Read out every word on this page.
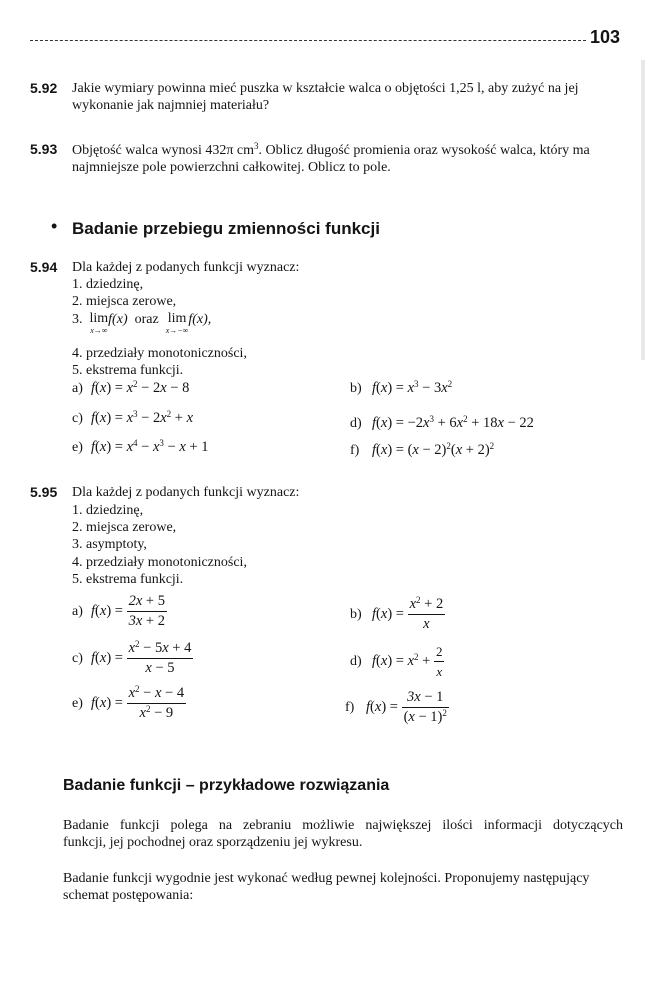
103
5.92 Jakie wymiary powinna mieć puszka w kształcie walca o objętości 1,25 l, aby zużyć na jej
wykonanie jak najmniej materiału?
5.93 Objętość walca wynosi 432π $cm^3$. Oblicz długość promienia oraz wysokość walca, który ma
najmniejsze pole powierzchni całkowitej. Oblicz to pole.
• Badanie przebiegu zmienności funkcji
5.94 Dla każdej z podanych funkcji wyznacz:
1. dziedzinę,
2. miejsca zerowe,
3. lim
x→∞
f(x) oraz lim
x→−∞
f(x),
4. przedziały monotoniczności,
5. ekstrema funkcji.
a) $f(x) = x^2 - 2x - 8$	b) $f(x) = x^3 - 3x^2$
c) $f(x) = x^3 - 2x^2 + x$	d) $f(x) = -2x^3 + 6x^2 + 18x - 22$
e) $f(x) = x^4 - x^3 - x + 1$	f) $f(x) = (x - 2)^2(x + 2)^2$
5.95 Dla każdej z podanych funkcji wyznacz:
1. dziedzinę,
2. miejsca zerowe,
3. asymptoty,
4. przedziały monotoniczności,
5. ekstrema funkcji.
a) $f(x) = \frac{2x + 5}{3x + 2}$	b) $f(x) = \frac{x^2 + 2}{x}$
c) $f(x) = \frac{x^2 - 5x + 4}{x - 5}$	d) $f(x) = x^2 + \frac{2}{x}$
e) $f(x) = \frac{x^2 - x - 4}{x^2 - 9}$	f) $f(x) = \frac{3x - 1}{(x - 1)^2}$
Badanie funkcji – przykładowe rozwiązania
Badanie funkcji polega na zebraniu możliwie największej ilości informacji dotyczących
funkcji, jej pochodnej oraz sporządzeniu jej wykresu.
Badanie funkcji wygodnie jest wykonać według pewnej kolejności. Proponujemy następujący
schemat postępowania:
